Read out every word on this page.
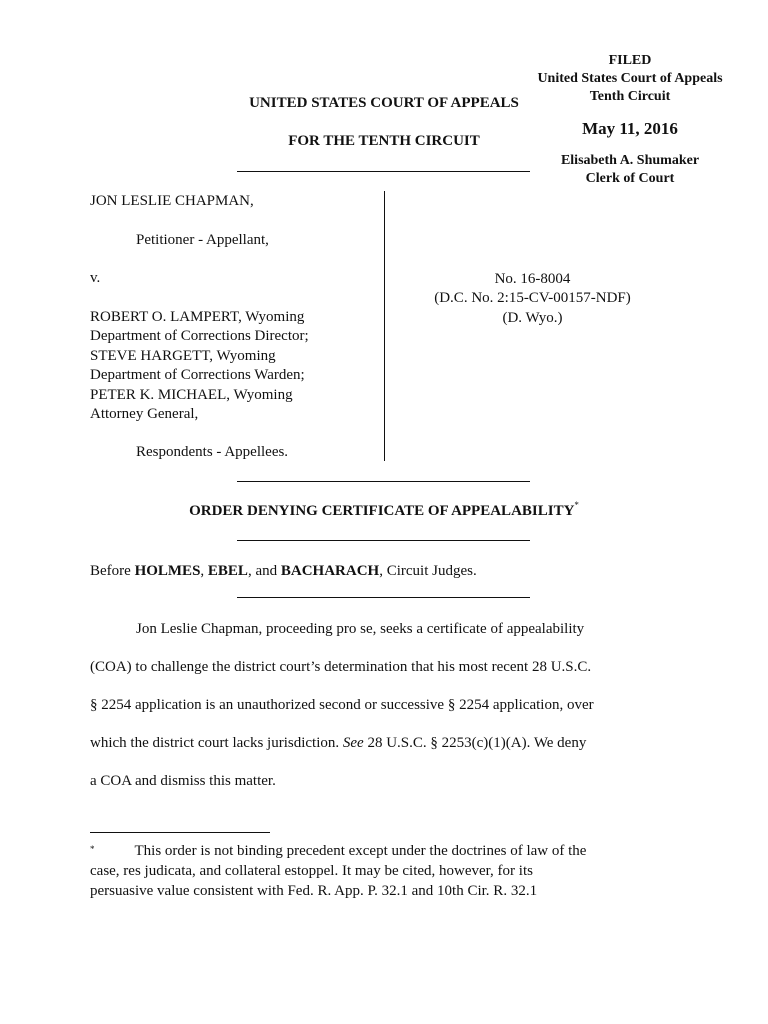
FILED
United States Court of Appeals
Tenth Circuit
May 11, 2016
Elisabeth A. Shumaker
Clerk of Court
UNITED STATES COURT OF APPEALS
FOR THE TENTH CIRCUIT
JON LESLIE CHAPMAN,
Petitioner - Appellant,
v.
ROBERT O. LAMPERT, Wyoming
Department of Corrections Director;
STEVE HARGETT, Wyoming
Department of Corrections Warden;
PETER K. MICHAEL, Wyoming
Attorney General,
Respondents - Appellees.
No. 16-8004
(D.C. No. 2:15-CV-00157-NDF)
(D. Wyo.)
ORDER DENYING CERTIFICATE OF APPEALABILITY*
Before HOLMES, EBEL, and BACHARACH, Circuit Judges.

Jon Leslie Chapman, proceeding pro se, seeks a certificate of appealability

(COA) to challenge the district court’s determination that his most recent 28 U.S.C.

§ 2254 application is an unauthorized second or successive § 2254 application, over

which the district court lacks jurisdiction. See 28 U.S.C. § 2253(c)(1)(A). We deny

a COA and dismiss this matter.

*	This order is not binding precedent except under the doctrines of law of the
case, res judicata, and collateral estoppel. It may be cited, however, for its
persuasive value consistent with Fed. R. App. P. 32.1 and 10th Cir. R. 32.1
